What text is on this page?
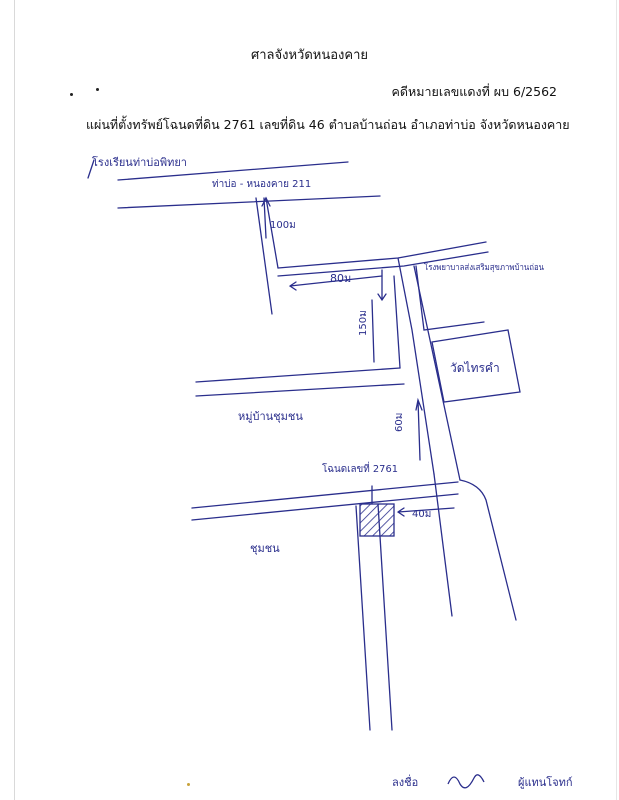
ศาลจังหวัดหนองคาย
คดีหมายเลขแดงที่ ผบ 6/2562
แผ่นที่ตั้งทรัพย์โฉนดที่ดิน 2761 เลขที่ดิน 46 ตำบลบ้านถ่อน อำเภอท่าบ่อ จังหวัดหนองคาย
โรงเรียนท่าบ่อพิทยา
ท่าบ่อ - หนองคาย 211
100ม
80ม
150ม
โรงพยาบาลส่งเสริมสุขภาพบ้านถ่อน
วัดไทรคำ
หมู่บ้านชุมชน	60ม
โฉนดเลขที่ 2761
40ม
ชุมชน
ลงชื่อ	ผู้แทนโจทก์
